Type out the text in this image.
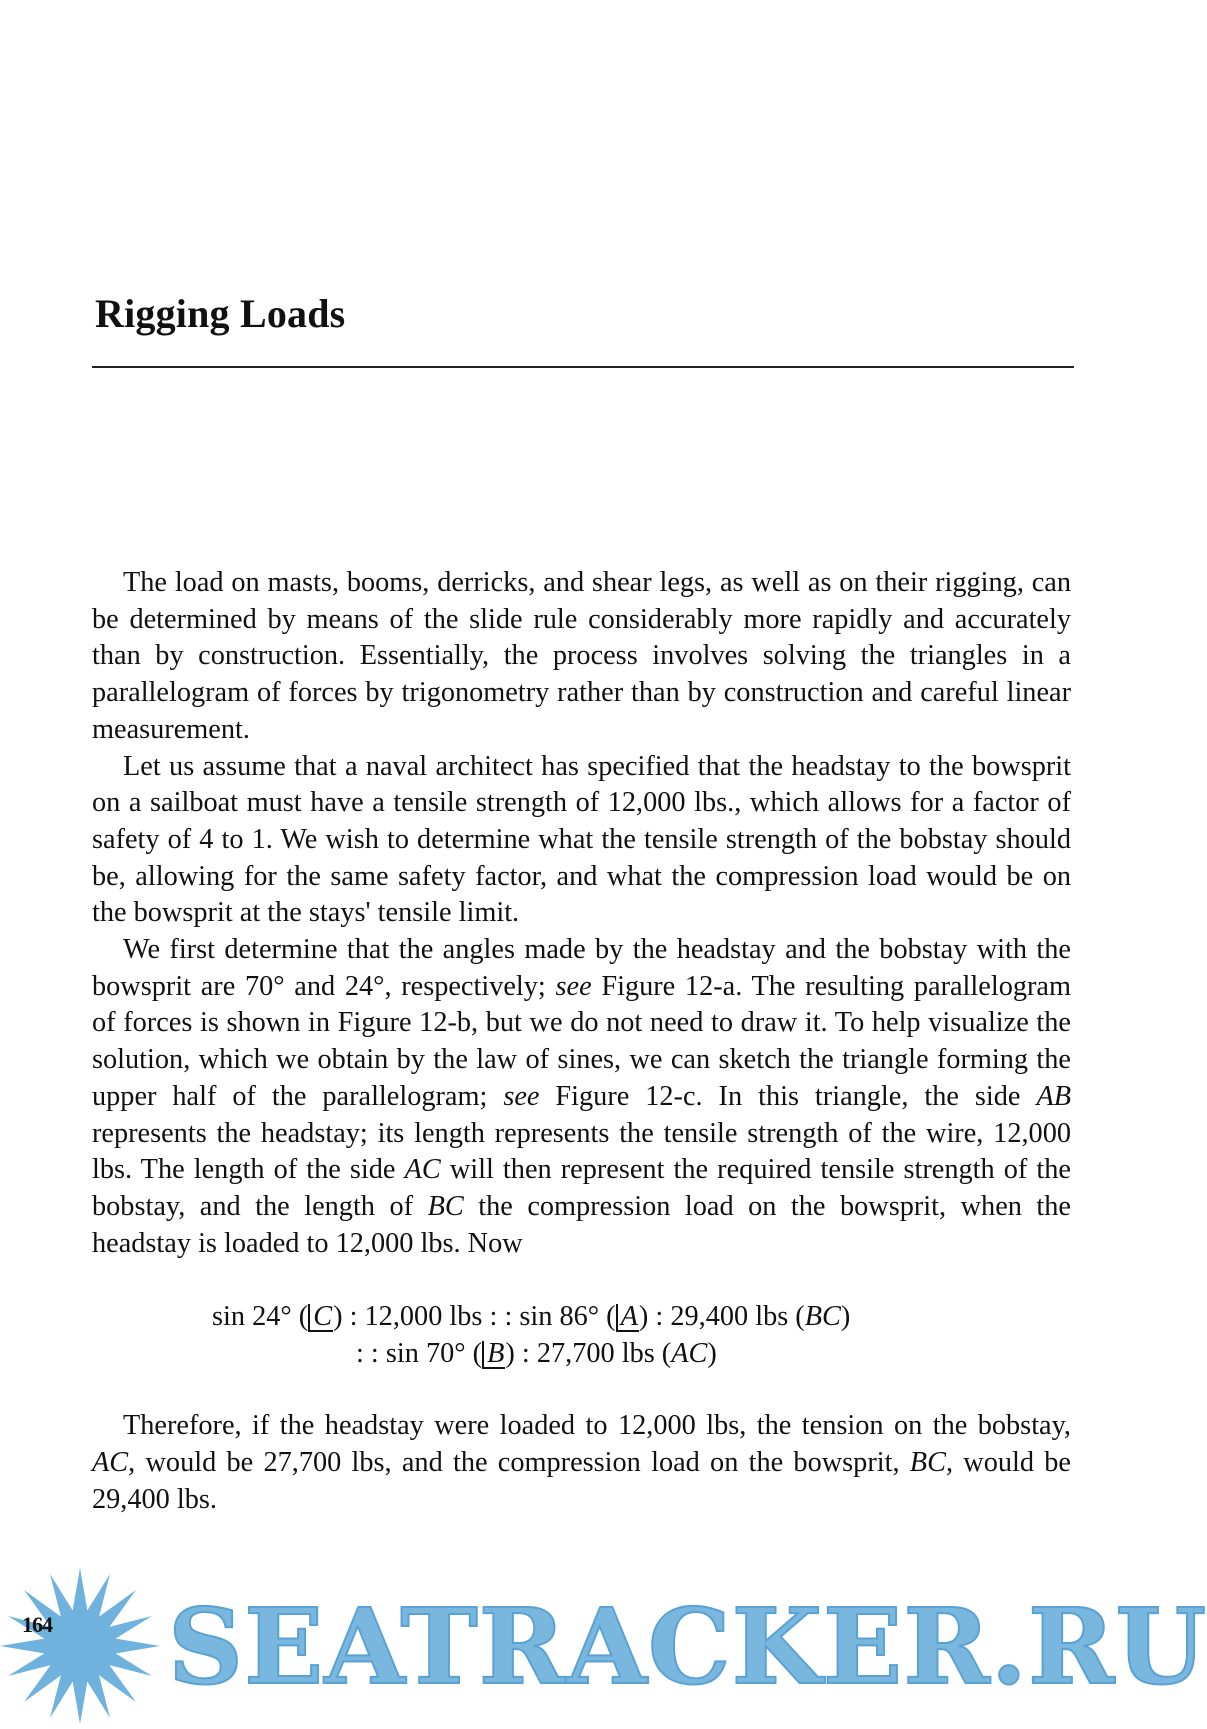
Rigging Loads

The load on masts, booms, derricks, and shear legs, as well as on their rigging, can be determined by means of the slide rule considerably more rapidly and accurately than by construction. Essentially, the process involves solving the triangles in a parallelogram of forces by trigonometry rather than by construction and careful linear measurement.

Let us assume that a naval architect has specified that the headstay to the bowsprit on a sailboat must have a tensile strength of 12,000 lbs., which allows for a factor of safety of 4 to 1. We wish to determine what the tensile strength of the bobstay should be, allowing for the same safety factor, and what the compression load would be on the bowsprit at the stays' tensile limit.

We first determine that the angles made by the headstay and the bobstay with the bowsprit are 70° and 24°, respectively; see Figure 12-a. The resulting parallelogram of forces is shown in Figure 12-b, but we do not need to draw it. To help visualize the solution, which we obtain by the law of sines, we can sketch the triangle forming the upper half of the parallelogram; see Figure 12-c. In this triangle, the side AB represents the headstay; its length represents the tensile strength of the wire, 12,000 lbs. The length of the side AC will then represent the required tensile strength of the bobstay, and the length of BC the compression load on the bowsprit, when the headstay is loaded to 12,000 lbs. Now

sin 24° ( C) : 12,000 lbs : : sin 86° ( A) : 29,400 lbs (BC)
: : sin 70° ( B) : 27,700 lbs (AC)

Therefore, if the headstay were loaded to 12,000 lbs, the tension on the bobstay, AC, would be 27,700 lbs, and the compression load on the bowsprit, BC, would be 29,400 lbs.

SEATRACKER.RU
164
